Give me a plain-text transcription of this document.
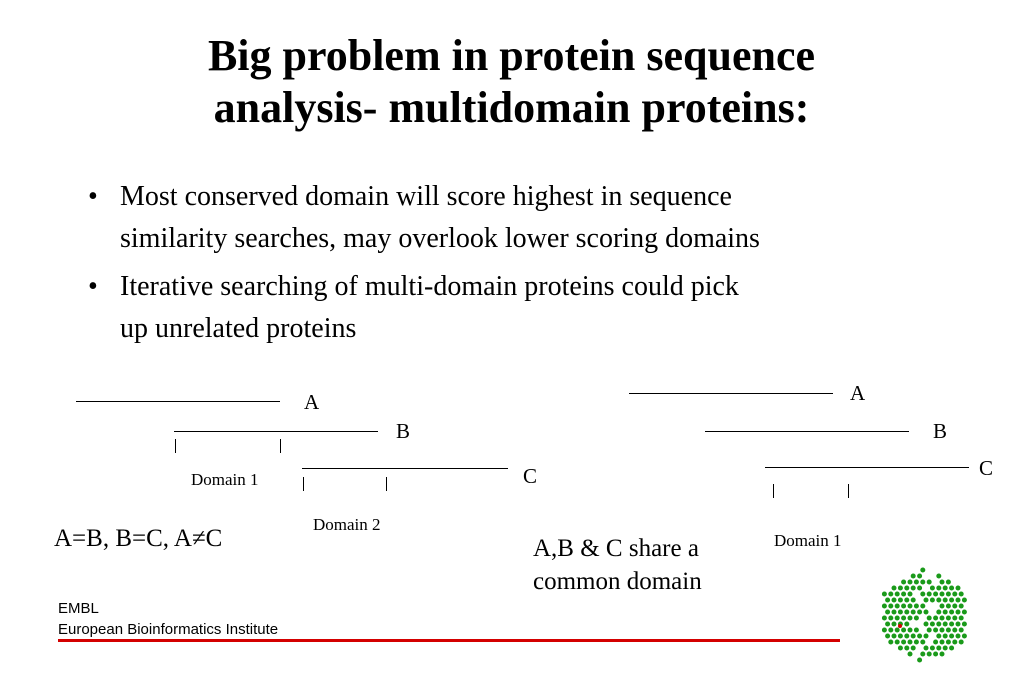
Big problem in protein sequence
analysis- multidomain proteins:
• Most conserved domain will score highest in sequence
similarity searches, may overlook lower scoring domains
• Iterative searching of multi-domain proteins could pick
up unrelated proteins
A
B
Domain 1	C
Domain 2
A=B, B=C, A≠C
A
B
C
Domain 1
A,B & C share a
common domain
EMBL
European Bioinformatics Institute
